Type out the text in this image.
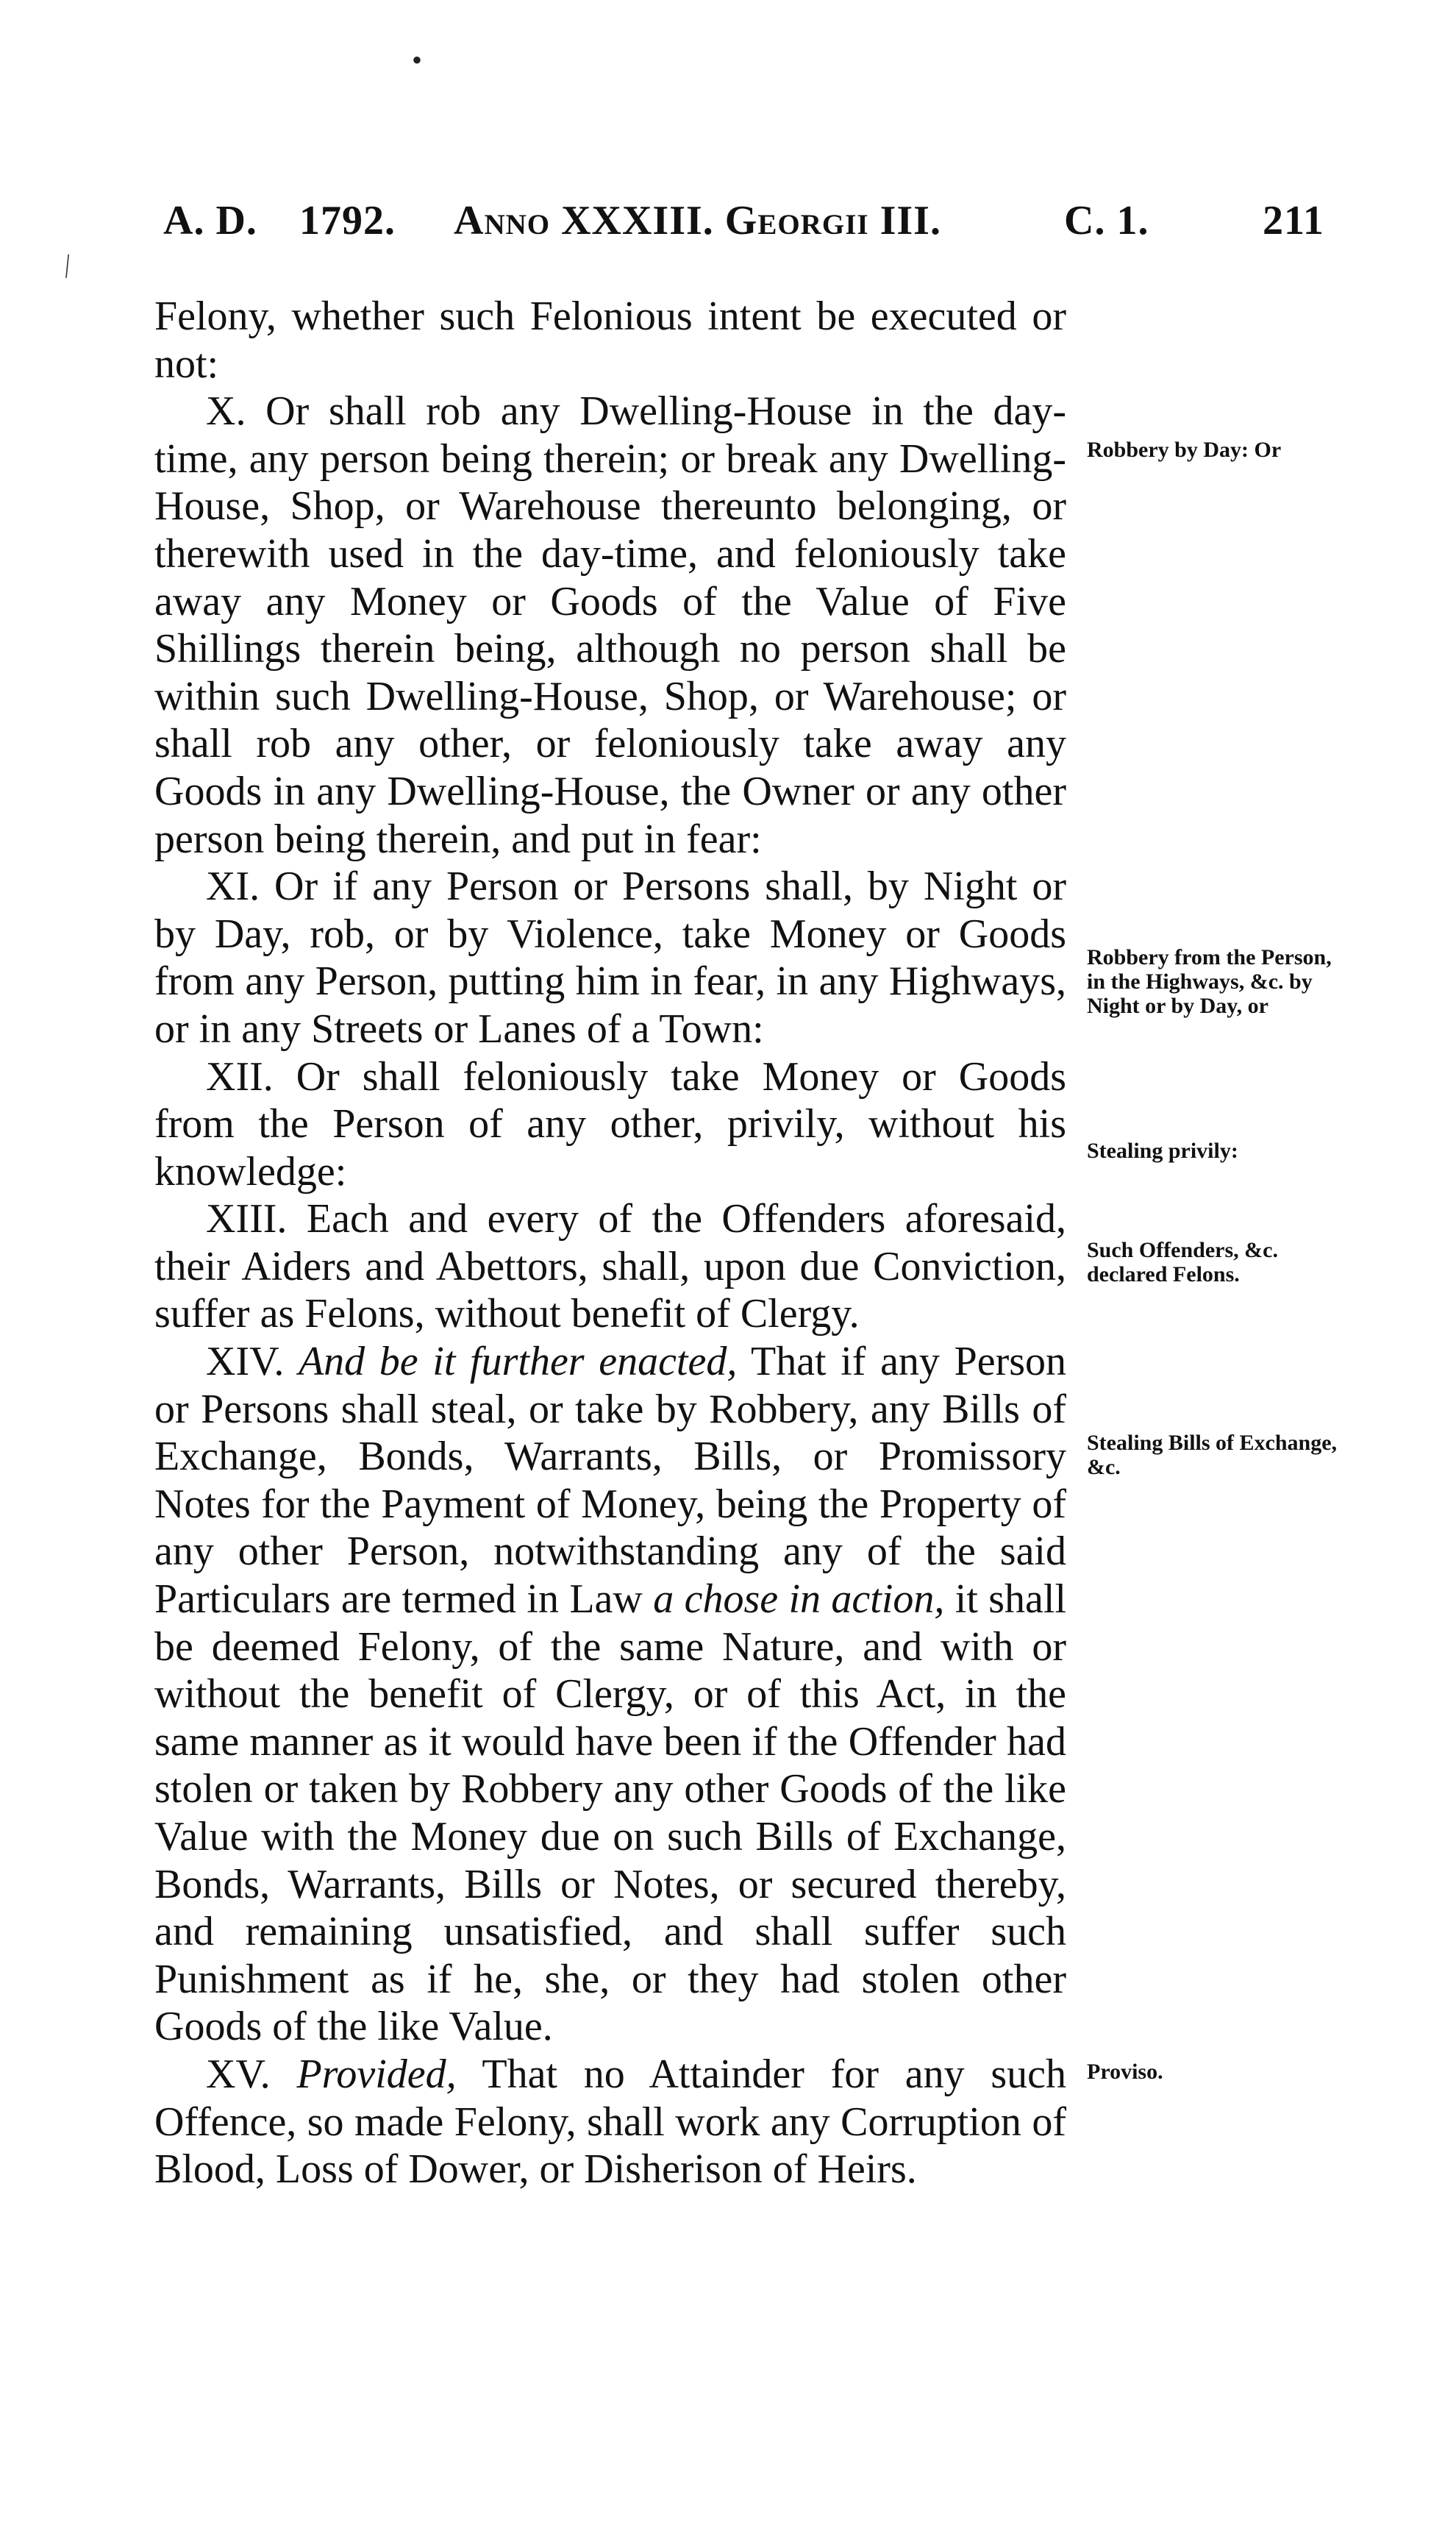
•
⁄
A. D. 1792. Anno XXXIII. Georgii III.	C. 1.	211

Felony, whether such Felonious intent be executed or not:

X. Or shall rob any Dwelling-House in the day-time, any person being therein; or break any Dwelling-House, Shop, or Warehouse thereunto belonging, or therewith used in the day-time, and feloniously take away any Money or Goods of the Value of Five Shillings therein being, although no person shall be within such Dwelling-House, Shop, or Warehouse; or shall rob any other, or feloniously take away any Goods in any Dwelling-House, the Owner or any other person being therein, and put in fear:

XI. Or if any Person or Persons shall, by Night or by Day, rob, or by Violence, take Money or Goods from any Person, putting him in fear, in any Highways, or in any Streets or Lanes of a Town:

XII. Or shall feloniously take Money or Goods from the Person of any other, privily, without his knowledge:

XIII. Each and every of the Offenders aforesaid, their Aiders and Abettors, shall, upon due Conviction, suffer as Felons, without benefit of Clergy.

XIV. And be it further enacted, That if any Person or Persons shall steal, or take by Robbery, any Bills of Exchange, Bonds, Warrants, Bills, or Promissory Notes for the Payment of Money, being the Property of any other Person, notwithstanding any of the said Particulars are termed in Law a chose in action, it shall be deemed Felony, of the same Nature, and with or without the benefit of Clergy, or of this Act, in the same manner as it would have been if the Offender had stolen or taken by Robbery any other Goods of the like Value with the Money due on such Bills of Exchange, Bonds, Warrants, Bills or Notes, or secured thereby, and remaining unsatisfied, and shall suffer such Punishment as if he, she, or they had stolen other Goods of the like Value.

XV. Provided, That no Attainder for any such Offence, so made Felony, shall work any Corruption of Blood, Loss of Dower, or Disherison of Heirs.

Robbery by Day: Or
Robbery from the Person, in the Highways, &c. by Night or by Day, or
Stealing privily:
Such Offenders, &c. declared Felons.
Stealing Bills of Exchange, &c.
Proviso.
